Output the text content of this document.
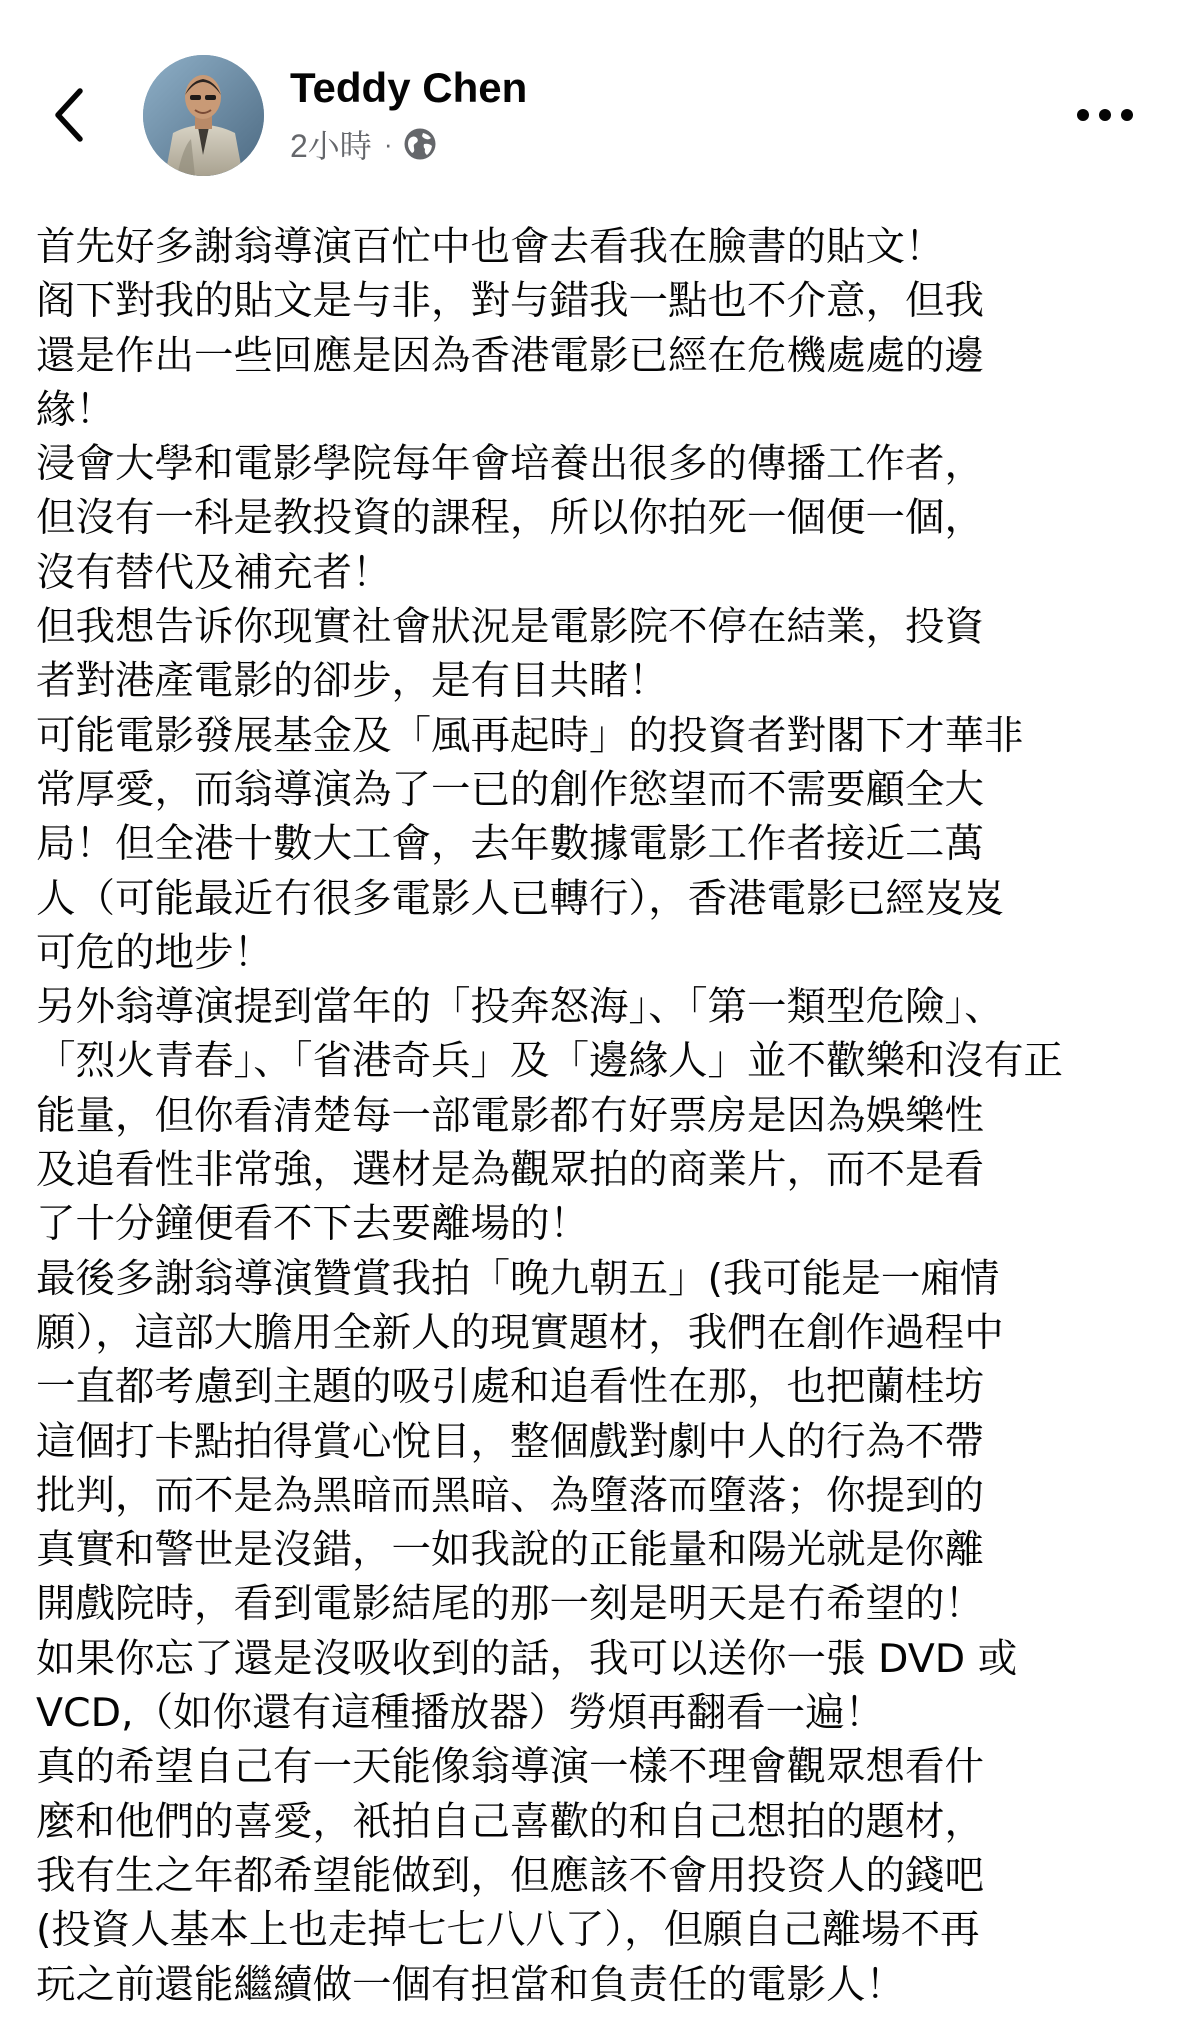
Teddy Chen
2小時 ·
首先好多謝翁導演百忙中也會去看我在臉書的貼文！
阁下對我的貼文是与非，對与錯我一點也不介意，但我
還是作出一些回應是因為香港電影已經在危機處處的邊
緣！
浸會大學和電影學院每年會培養出很多的傳播工作者，
但沒有一科是教投資的課程，所以你拍死一個便一個，
沒有替代及補充者！
但我想告诉你现實社會狀況是電影院不停在結業，投資
者對港產電影的卻步，是有目共睹！
可能電影發展基金及「風再起時」的投資者對閣下才華非
常厚愛，而翁導演為了一已的創作慾望而不需要顧全大
局！但全港十數大工會，去年數據電影工作者接近二萬
人（可能最近冇很多電影人已轉行），香港電影已經岌岌
可危的地步！
另外翁導演提到當年的「投奔怒海」、「第一類型危險」、
「烈火青春」、「省港奇兵」及「邊緣人」並不歡樂和沒有正
能量，但你看清楚每一部電影都冇好票房是因為娛樂性
及追看性非常強，選材是為觀眾拍的商業片，而不是看
了十分鐘便看不下去要離場的！
最後多謝翁導演贊賞我拍「晚九朝五」(我可能是一廂情
願），這部大膽用全新人的現實題材，我們在創作過程中
一直都考慮到主題的吸引處和追看性在那，也把蘭桂坊
這個打卡點拍得賞心悅目，整個戲對劇中人的行為不帶
批判，而不是為黑暗而黑暗、為墮落而墮落；你提到的
真實和警世是沒錯，一如我說的正能量和陽光就是你離
開戲院時，看到電影結尾的那一刻是明天是冇希望的！
如果你忘了還是沒吸收到的話，我可以送你一張 DVD 或
VCD,（如你還有這種播放器）勞煩再翻看一遍！
真的希望自己有一天能像翁導演一樣不理會觀眾想看什
麼和他們的喜愛，衹拍自己喜歡的和自己想拍的題材，
我有生之年都希望能做到，但應該不會用投资人的錢吧
(投資人基本上也走掉七七八八了），但願自己離場不再
玩之前還能繼續做一個有担當和負责任的電影人！
